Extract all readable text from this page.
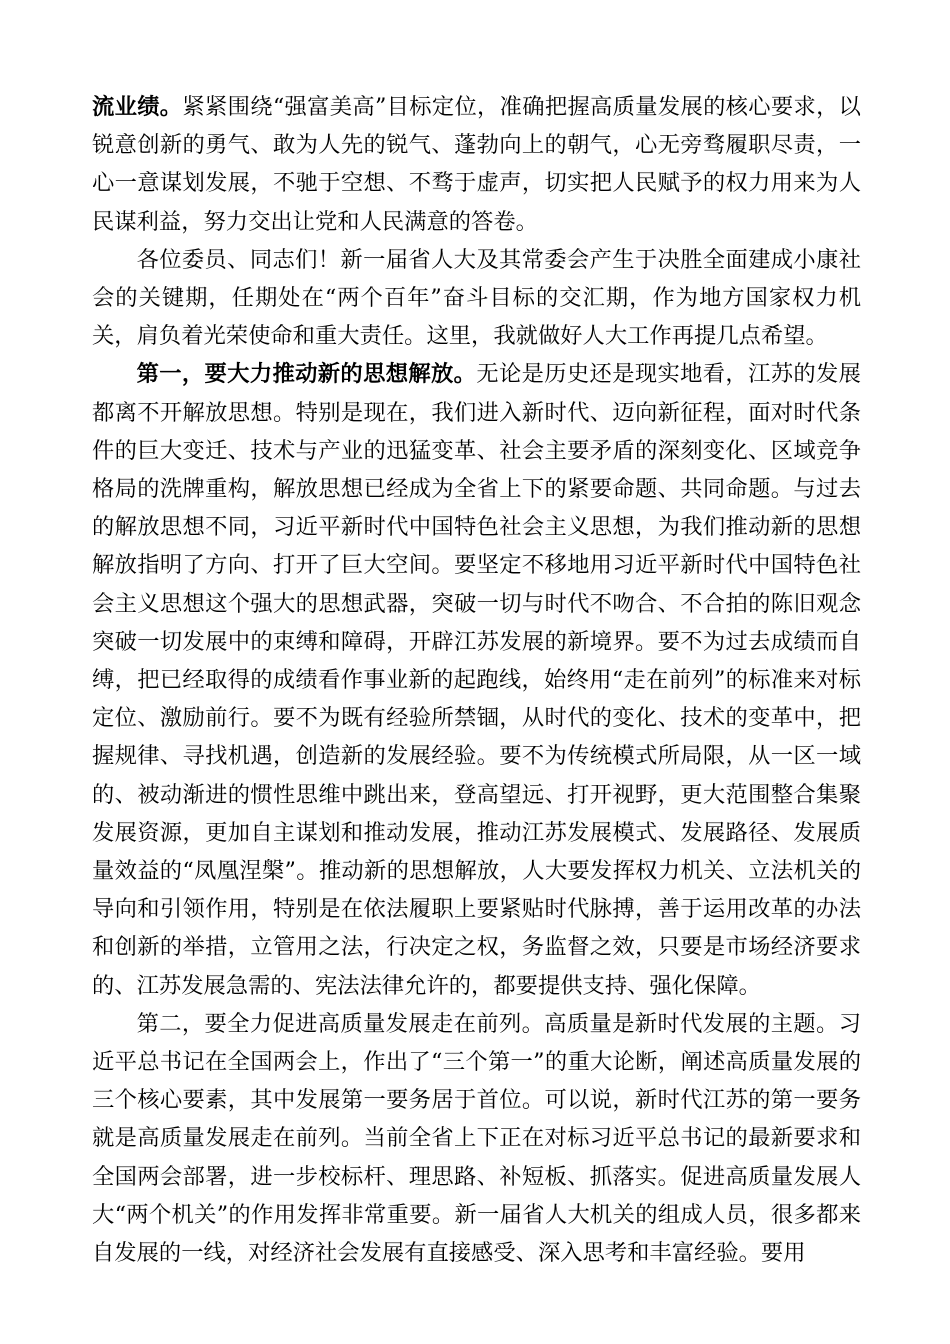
流业绩。紧紧围绕“强富美高”目标定位，准确把握高质量发展的核心要求，以锐意创新的勇气、敢为人先的锐气、蓬勃向上的朝气，心无旁骛履职尽责，一心一意谋划发展，不驰于空想、不骛于虚声，切实把人民赋予的权力用来为人民谋利益，努力交出让党和人民满意的答卷。

各位委员、同志们！新一届省人大及其常委会产生于决胜全面建成小康社会的关键期，任期处在“两个百年”奋斗目标的交汇期，作为地方国家权力机关，肩负着光荣使命和重大责任。这里，我就做好人大工作再提几点希望。

第一，要大力推动新的思想解放。无论是历史还是现实地看，江苏的发展都离不开解放思想。特别是现在，我们进入新时代、迈向新征程，面对时代条件的巨大变迁、技术与产业的迅猛变革、社会主要矛盾的深刻变化、区域竞争格局的洗牌重构，解放思想已经成为全省上下的紧要命题、共同命题。与过去的解放思想不同，习近平新时代中国特色社会主义思想，为我们推动新的思想解放指明了方向、打开了巨大空间。要坚定不移地用习近平新时代中国特色社会主义思想这个强大的思想武器，突破一切与时代不吻合、不合拍的陈旧观念突破一切发展中的束缚和障碍，开辟江苏发展的新境界。要不为过去成绩而自缚，把已经取得的成绩看作事业新的起跑线，始终用“走在前列”的标准来对标定位、激励前行。要不为既有经验所禁锢，从时代的变化、技术的变革中，把握规律、寻找机遇，创造新的发展经验。要不为传统模式所局限，从一区一域的、被动渐进的惯性思维中跳出来，登高望远、打开视野，更大范围整合集聚发展资源，更加自主谋划和推动发展，推动江苏发展模式、发展路径、发展质量效益的“凤凰涅槃”。推动新的思想解放，人大要发挥权力机关、立法机关的导向和引领作用，特别是在依法履职上要紧贴时代脉搏，善于运用改革的办法和创新的举措，立管用之法，行决定之权，务监督之效，只要是市场经济要求的、江苏发展急需的、宪法法律允许的，都要提供支持、强化保障。

第二，要全力促进高质量发展走在前列。高质量是新时代发展的主题。习近平总书记在全国两会上，作出了“三个第一”的重大论断，阐述高质量发展的三个核心要素，其中发展第一要务居于首位。可以说，新时代江苏的第一要务就是高质量发展走在前列。当前全省上下正在对标习近平总书记的最新要求和全国两会部署，进一步校标杆、理思路、补短板、抓落实。促进高质量发展人大“两个机关”的作用发挥非常重要。新一届省人大机关的组成人员，很多都来自发展的一线，对经济社会发展有直接感受、深入思考和丰富经验。要用
